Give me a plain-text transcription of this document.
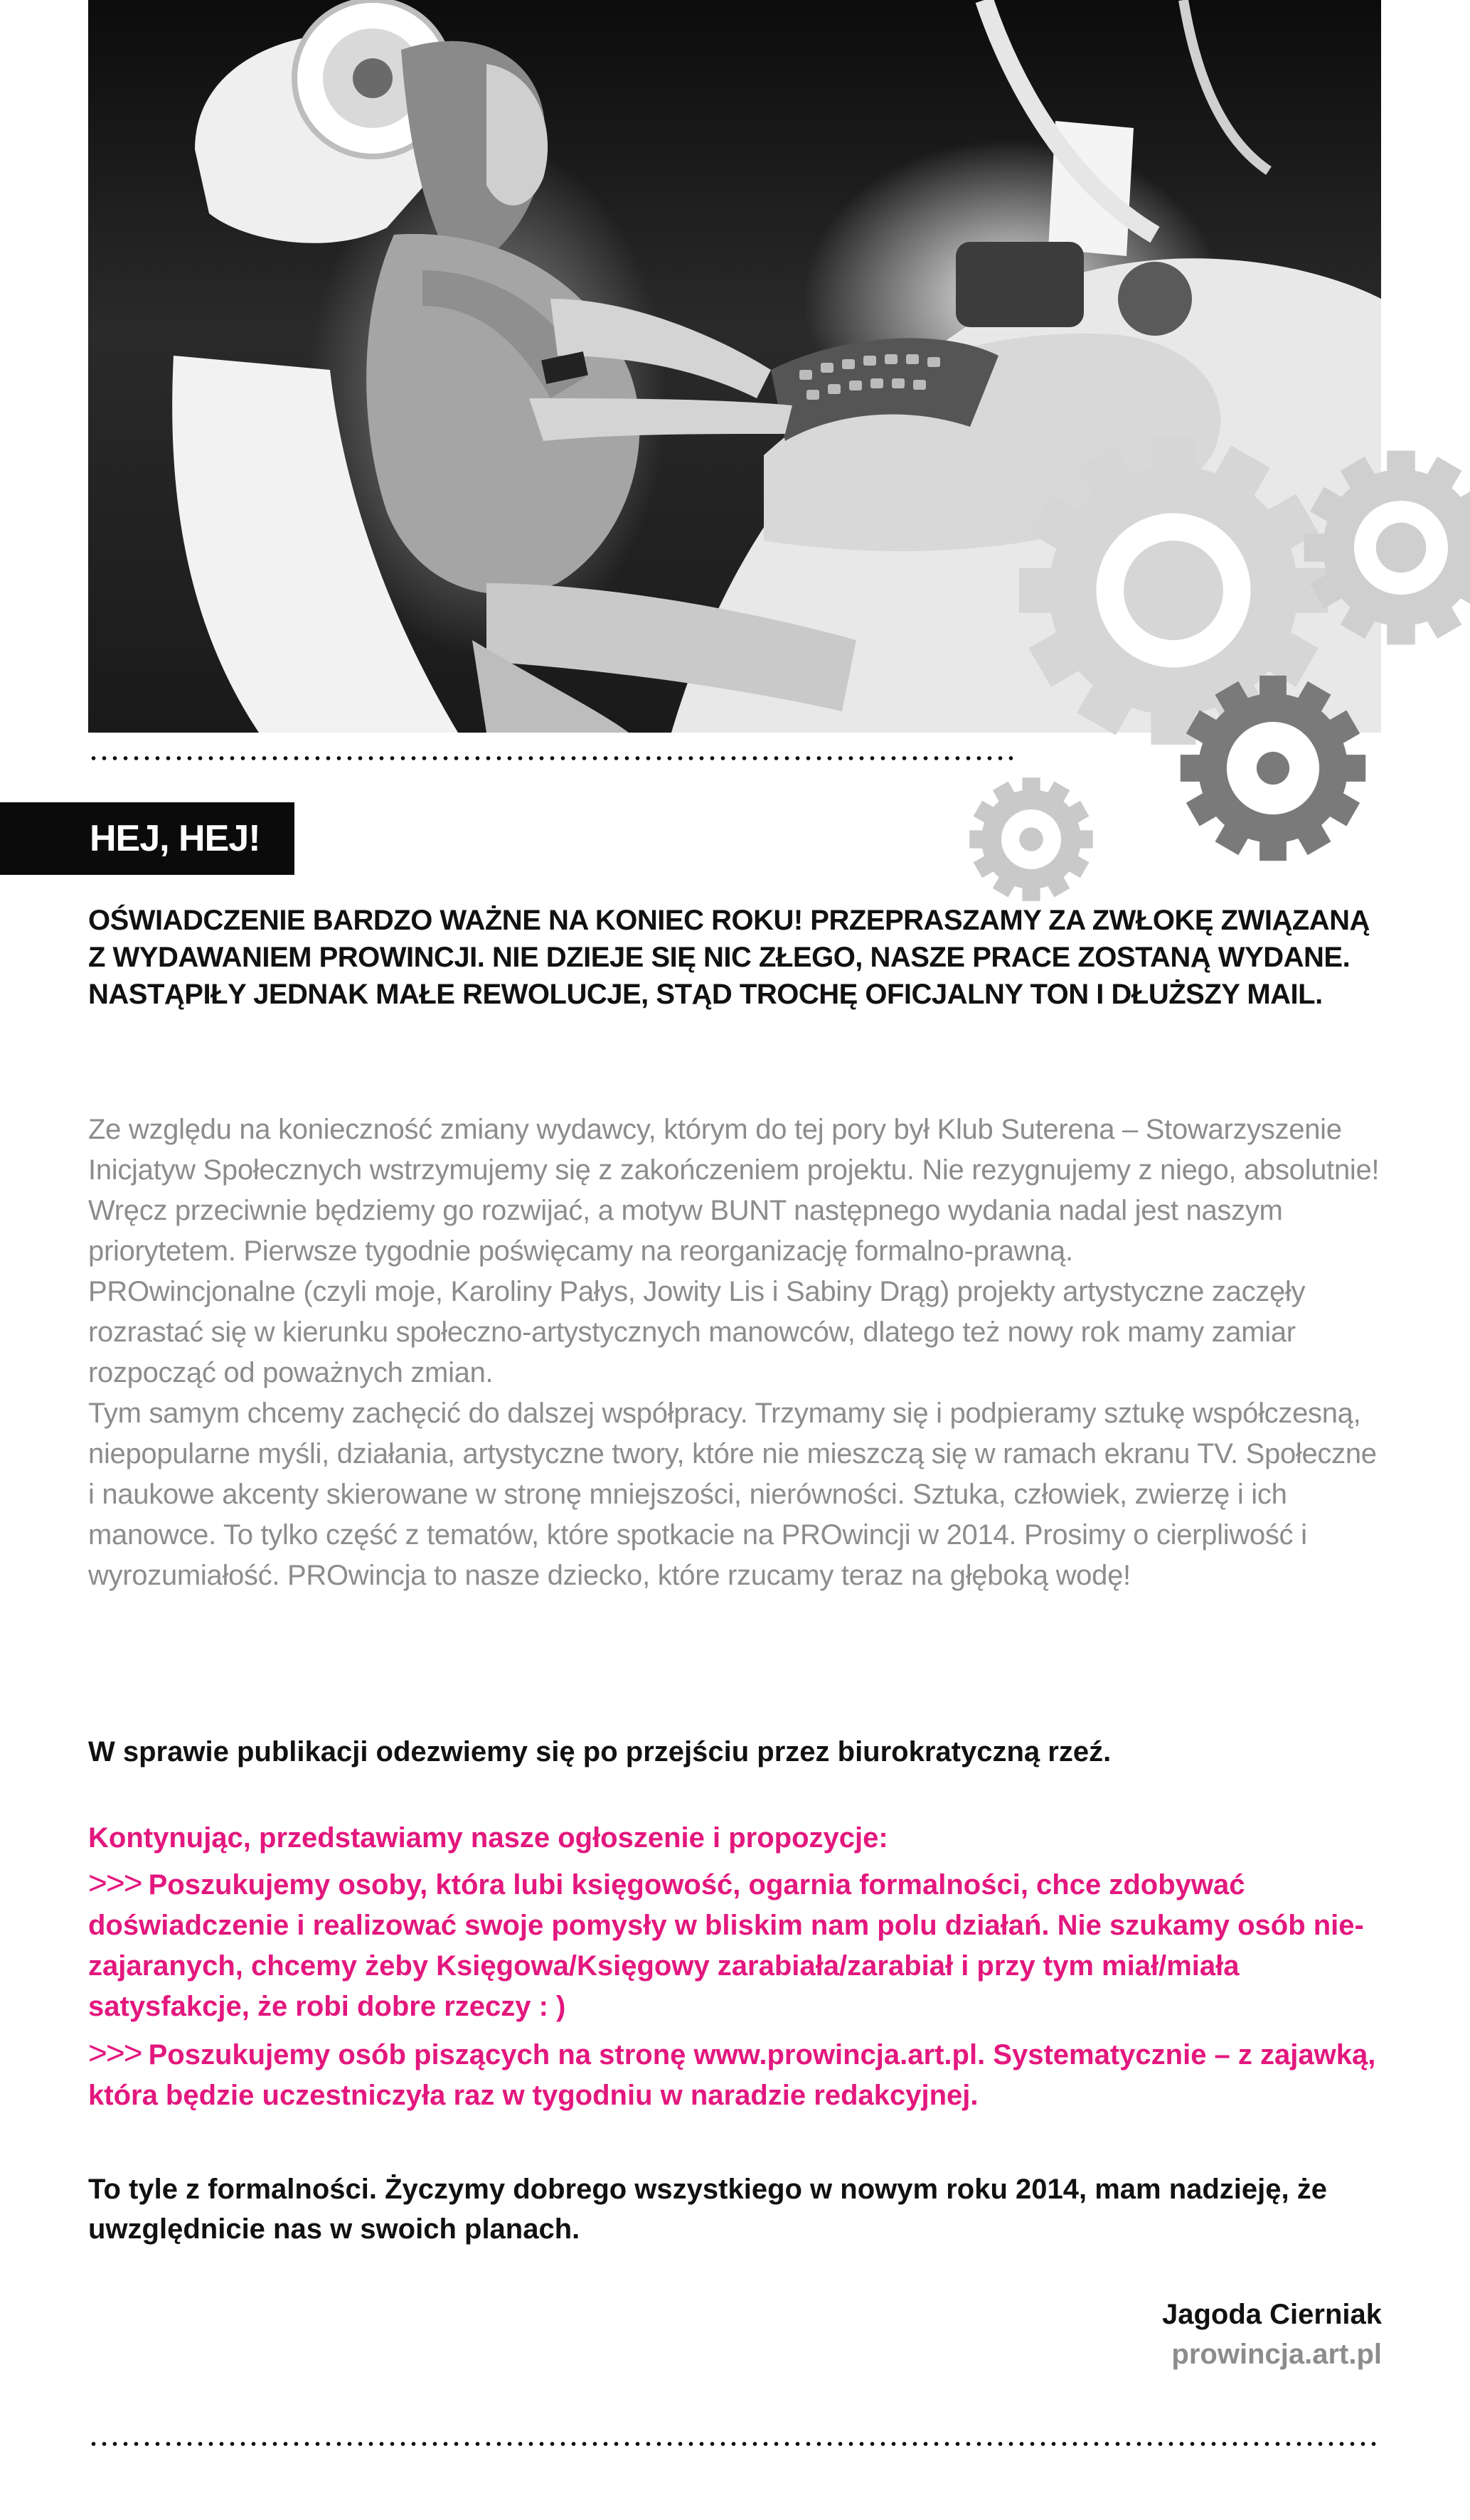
HEJ, HEJ!

OŚWIADCZENIE BARDZO WAŻNE NA KONIEC ROKU! PRZEPRASZAMY ZA ZWŁOKĘ ZWIĄZANĄ Z WYDAWANIEM PROWINCJI. NIE DZIEJE SIĘ NIC ZŁEGO, NASZE PRACE ZOSTANĄ WYDANE. NASTĄPIŁY JEDNAK MAŁE REWOLUCJE, STĄD TROCHĘ OFICJALNY TON I DŁUŻSZY MAIL.

Ze względu na konieczność zmiany wydawcy, którym do tej pory był Klub Suterena – Stowarzyszenie Inicjatyw Społecznych wstrzymujemy się z zakończeniem projektu. Nie rezygnujemy z niego, absolutnie! Wręcz przeciwnie będziemy go rozwijać, a motyw BUNT następnego wydania nadal jest naszym priorytetem. Pierwsze tygodnie poświęcamy na reorganizację formalno-prawną.

PROwincjonalne (czyli moje, Karoliny Pałys, Jowity Lis i Sabiny Drąg) projekty artystyczne zaczęły rozrastać się w kierunku społeczno-artystycznych manowców, dlatego też nowy rok mamy zamiar rozpocząć od poważnych zmian.

Tym samym chcemy zachęcić do dalszej współpracy. Trzymamy się i podpieramy sztukę współczesną, niepopularne myśli, działania, artystyczne twory, które nie mieszczą się w ramach ekranu TV. Społeczne i naukowe akcenty skierowane w stronę mniejszości, nierówności. Sztuka, człowiek, zwierzę i ich manowce. To tylko część z tematów, które spotkacie na PROwincji w 2014. Prosimy o cierpliwość i wyrozumiałość. PROwincja to nasze dziecko, które rzucamy teraz na głęboką wodę!

W sprawie publikacji odezwiemy się po przejściu przez biurokratyczną rzeź.

Kontynując, przedstawiamy nasze ogłoszenie i propozycje:

>>> Poszukujemy osoby, która lubi księgowość, ogarnia formalności, chce zdobywać doświadczenie i realizować swoje pomysły w bliskim nam polu działań. Nie szukamy osób nie-zajaranych, chcemy żeby Księgowa/Księgowy zarabiała/zarabiał i przy tym miał/miała satysfakcje, że robi dobre rzeczy : )

>>> Poszukujemy osób piszących na stronę www.prowincja.art.pl. Systematycznie – z zajawką, która będzie uczestniczyła raz w tygodniu w naradzie redakcyjnej.

To tyle z formalności. Życzymy dobrego wszystkiego w nowym roku 2014, mam nadzieję, że uwzględnicie nas w swoich planach.

Jagoda Cierniak
prowincja.art.pl
